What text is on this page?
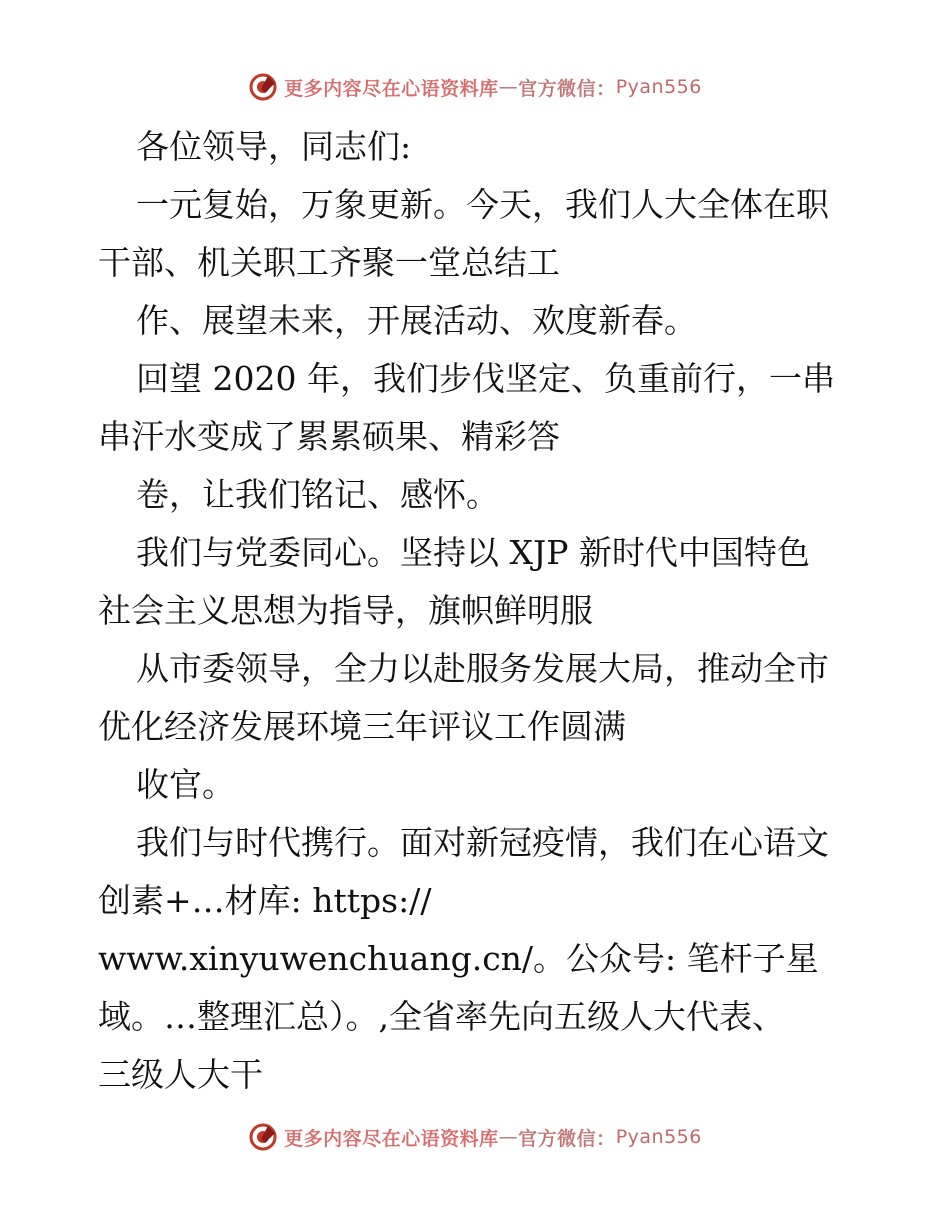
更多内容尽在心语资料库 — 官方微信： Pyan556

各位领导，同志们:

一元复始，万象更新。今天，我们人大全体在职

干部、机关职工齐聚一堂总结工

作、展望未来，开展活动、欢度新春。

回望 2020 年，我们步伐坚定、负重前行，一串

串汗水变成了累累硕果、精彩答

卷，让我们铭记、感怀。

我们与党委同心。坚持以 XJP 新时代中国特色

社会主义思想为指导，旗帜鲜明服

从市委领导，全力以赴服务发展大局，推动全市

优化经济发展环境三年评议工作圆满

收官。

我们与时代携行。面对新冠疫情，我们在心语文

创素+…材库: https://

www.xinyuwenchuang.cn/。公众号: 笔杆子星

域。…整理汇总）。,全省率先向五级人大代表、

三级人大干

更多内容尽在心语资料库 — 官方微信： Pyan556
